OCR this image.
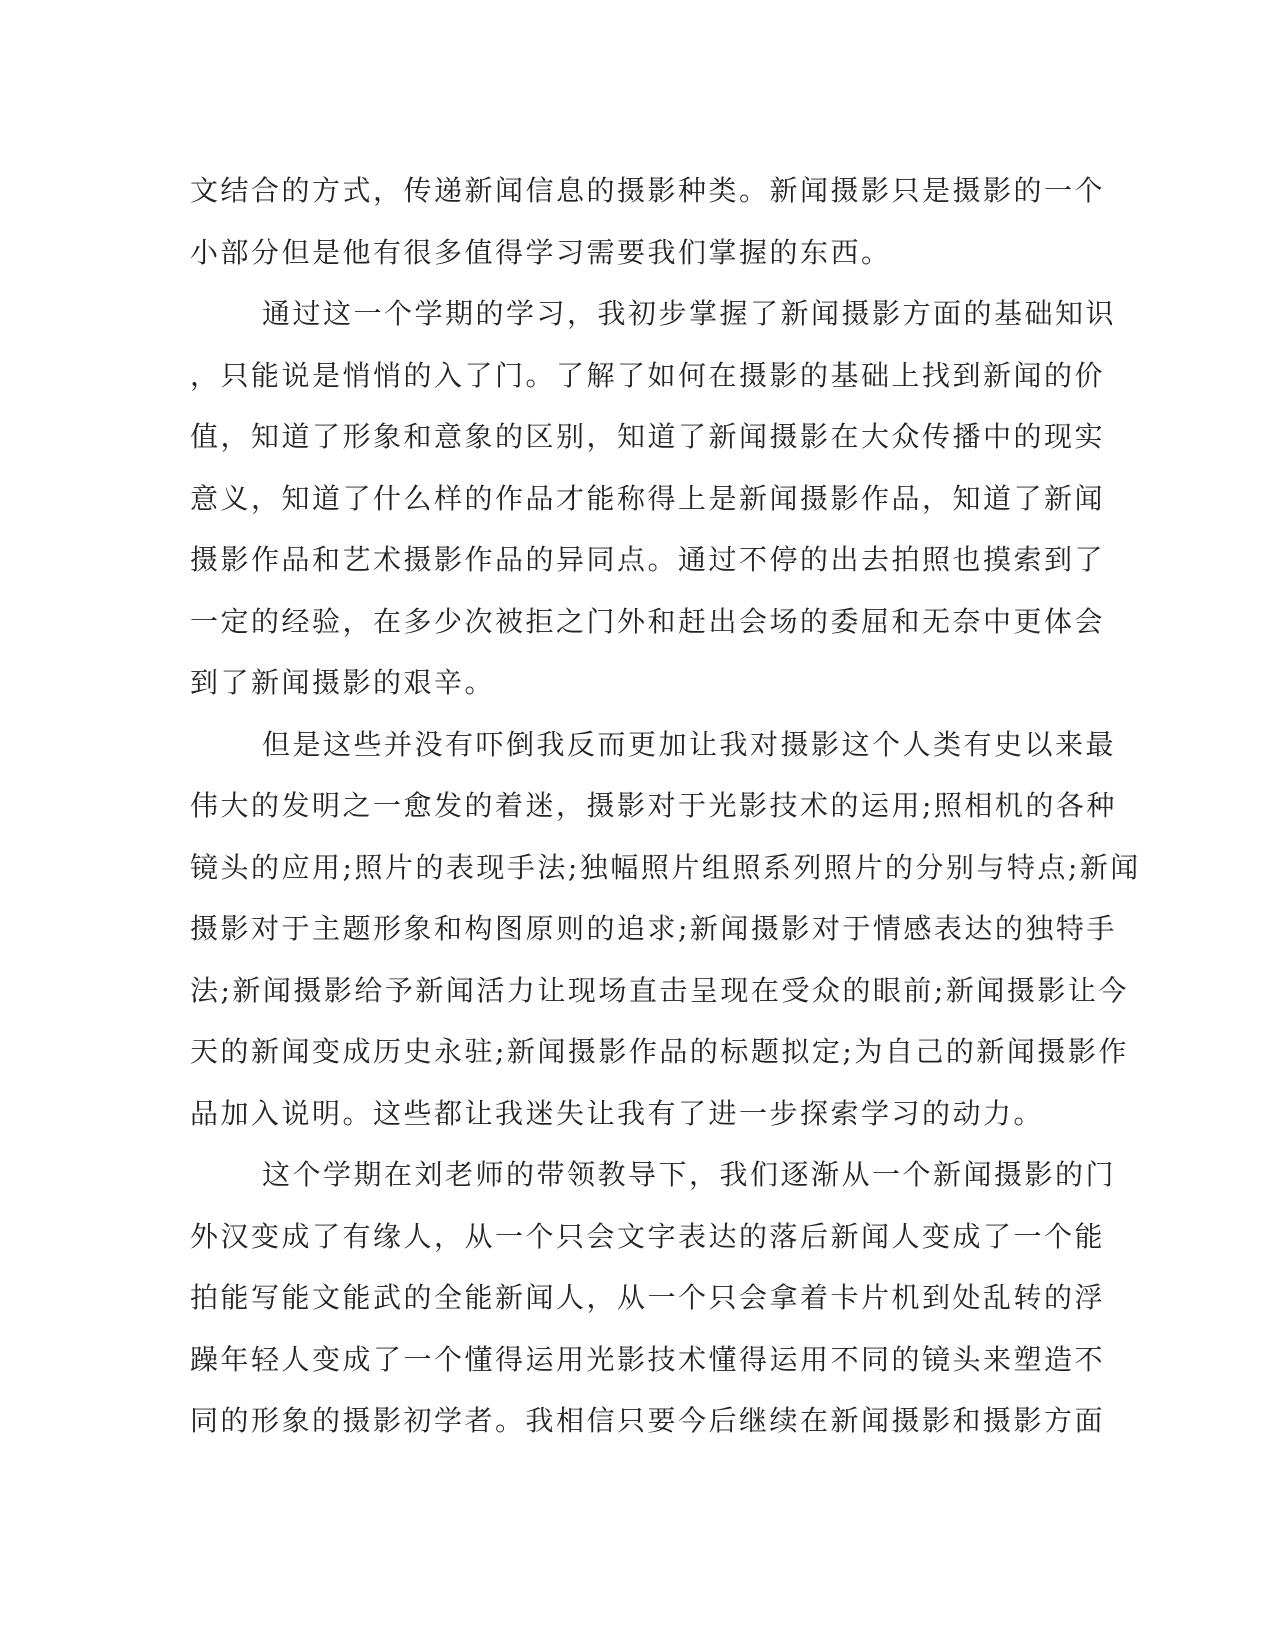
文结合的方式，传递新闻信息的摄影种类。新闻摄影只是摄影的一个
小部分但是他有很多值得学习需要我们掌握的东西。
通过这一个学期的学习，我初步掌握了新闻摄影方面的基础知识
，只能说是悄悄的入了门。了解了如何在摄影的基础上找到新闻的价
值，知道了形象和意象的区别，知道了新闻摄影在大众传播中的现实
意义，知道了什么样的作品才能称得上是新闻摄影作品，知道了新闻
摄影作品和艺术摄影作品的异同点。通过不停的出去拍照也摸索到了
一定的经验，在多少次被拒之门外和赶出会场的委屈和无奈中更体会
到了新闻摄影的艰辛。
但是这些并没有吓倒我反而更加让我对摄影这个人类有史以来最
伟大的发明之一愈发的着迷，摄影对于光影技术的运用;照相机的各种
镜头的应用;照片的表现手法;独幅照片组照系列照片的分别与特点;新闻
摄影对于主题形象和构图原则的追求;新闻摄影对于情感表达的独特手
法;新闻摄影给予新闻活力让现场直击呈现在受众的眼前;新闻摄影让今
天的新闻变成历史永驻;新闻摄影作品的标题拟定;为自己的新闻摄影作
品加入说明。这些都让我迷失让我有了进一步探索学习的动力。
这个学期在刘老师的带领教导下，我们逐渐从一个新闻摄影的门
外汉变成了有缘人，从一个只会文字表达的落后新闻人变成了一个能
拍能写能文能武的全能新闻人，从一个只会拿着卡片机到处乱转的浮
躁年轻人变成了一个懂得运用光影技术懂得运用不同的镜头来塑造不
同的形象的摄影初学者。我相信只要今后继续在新闻摄影和摄影方面
